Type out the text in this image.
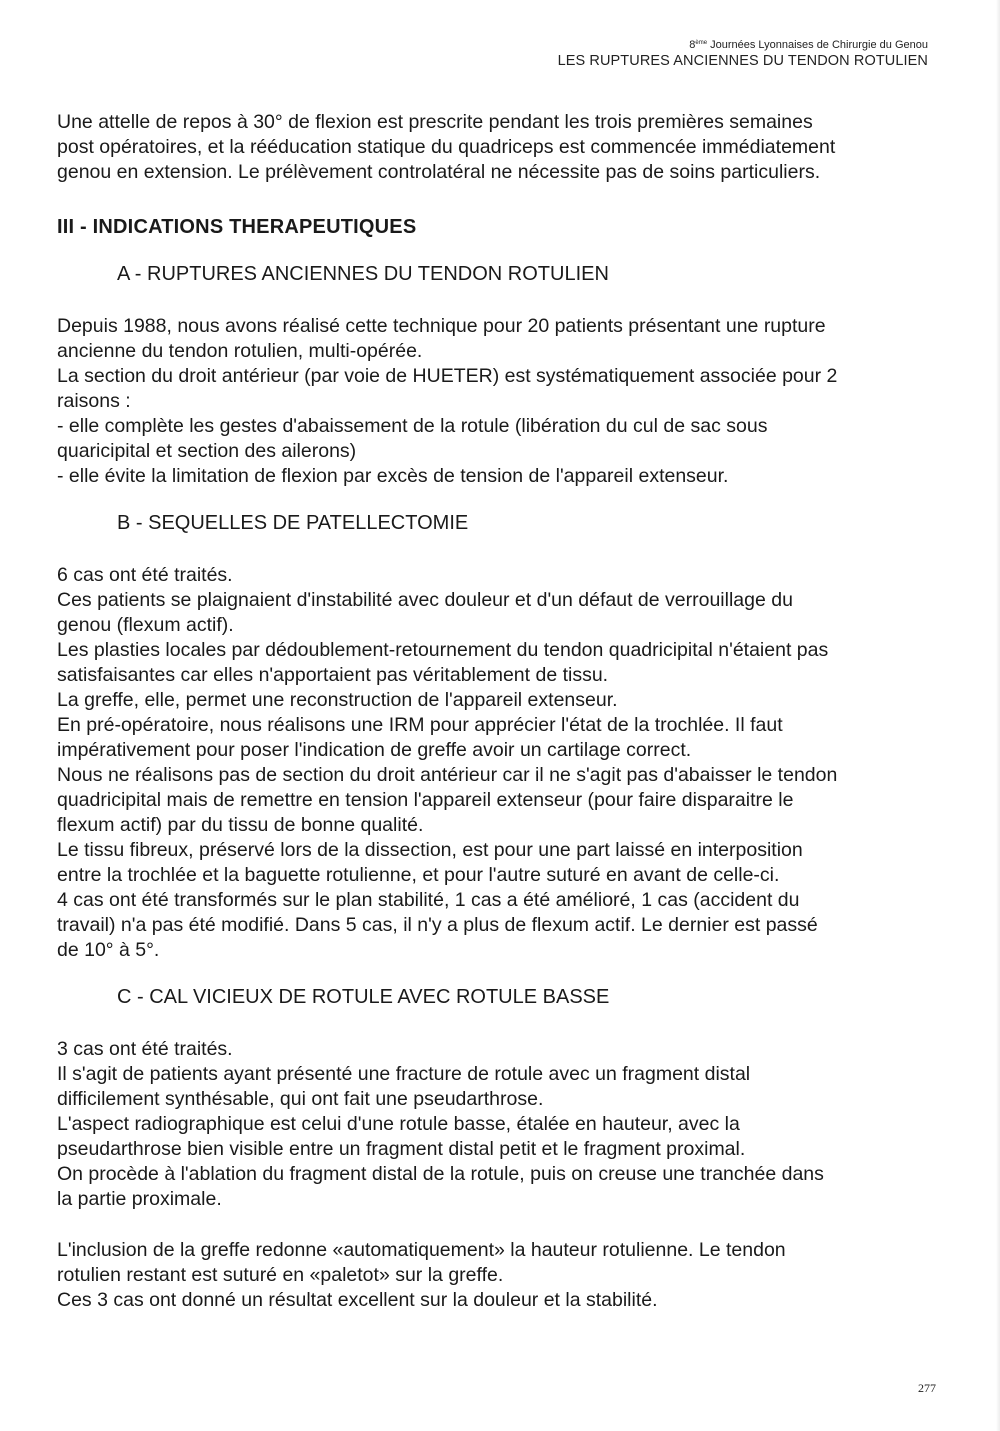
8ème Journées Lyonnaises de Chirurgie du Genou
LES RUPTURES ANCIENNES DU TENDON ROTULIEN

Une attelle de repos à 30° de flexion est prescrite pendant les trois premières semaines
post opératoires, et la rééducation statique du quadriceps est commencée immédiatement
genou en extension. Le prélèvement controlatéral ne nécessite pas de soins particuliers.

III - INDICATIONS THERAPEUTIQUES
A - RUPTURES ANCIENNES DU TENDON ROTULIEN

Depuis 1988, nous avons réalisé cette technique pour 20 patients présentant une rupture
ancienne du tendon rotulien, multi-opérée.
La section du droit antérieur (par voie de HUETER) est systématiquement associée pour 2
raisons :
- elle complète les gestes d'abaissement de la rotule (libération du cul de sac sous
quaricipital et section des ailerons)
- elle évite la limitation de flexion par excès de tension de l'appareil extenseur.

B - SEQUELLES DE PATELLECTOMIE

6 cas ont été traités.
Ces patients se plaignaient d'instabilité avec douleur et d'un défaut de verrouillage du
genou (flexum actif).
Les plasties locales par dédoublement-retournement du tendon quadricipital n'étaient pas
satisfaisantes car elles n'apportaient pas véritablement de tissu.
La greffe, elle, permet une reconstruction de l'appareil extenseur.
En pré-opératoire, nous réalisons une IRM pour apprécier l'état de la trochlée. Il faut
impérativement pour poser l'indication de greffe avoir un cartilage correct.
Nous ne réalisons pas de section du droit antérieur car il ne s'agit pas d'abaisser le tendon
quadricipital mais de remettre en tension l'appareil extenseur (pour faire disparaitre le
flexum actif) par du tissu de bonne qualité.
Le tissu fibreux, préservé lors de la dissection, est pour une part laissé en interposition
entre la trochlée et la baguette rotulienne, et pour l'autre suturé en avant de celle-ci.
4 cas ont été transformés sur le plan stabilité, 1 cas a été amélioré, 1 cas (accident du
travail) n'a pas été modifié. Dans 5 cas, il n'y a plus de flexum actif. Le dernier est passé
de 10° à 5°.

C - CAL VICIEUX DE ROTULE AVEC ROTULE BASSE

3 cas ont été traités.
Il s'agit de patients ayant présenté une fracture de rotule avec un fragment distal
difficilement synthésable, qui ont fait une pseudarthrose.
L'aspect radiographique est celui d'une rotule basse, étalée en hauteur, avec la
pseudarthrose bien visible entre un fragment distal petit et le fragment proximal.
On procède à l'ablation du fragment distal de la rotule, puis on creuse une tranchée dans
la partie proximale.

L'inclusion de la greffe redonne «automatiquement» la hauteur rotulienne. Le tendon
rotulien restant est suturé en «paletot» sur la greffe.
Ces 3 cas ont donné un résultat excellent sur la douleur et la stabilité.

277
